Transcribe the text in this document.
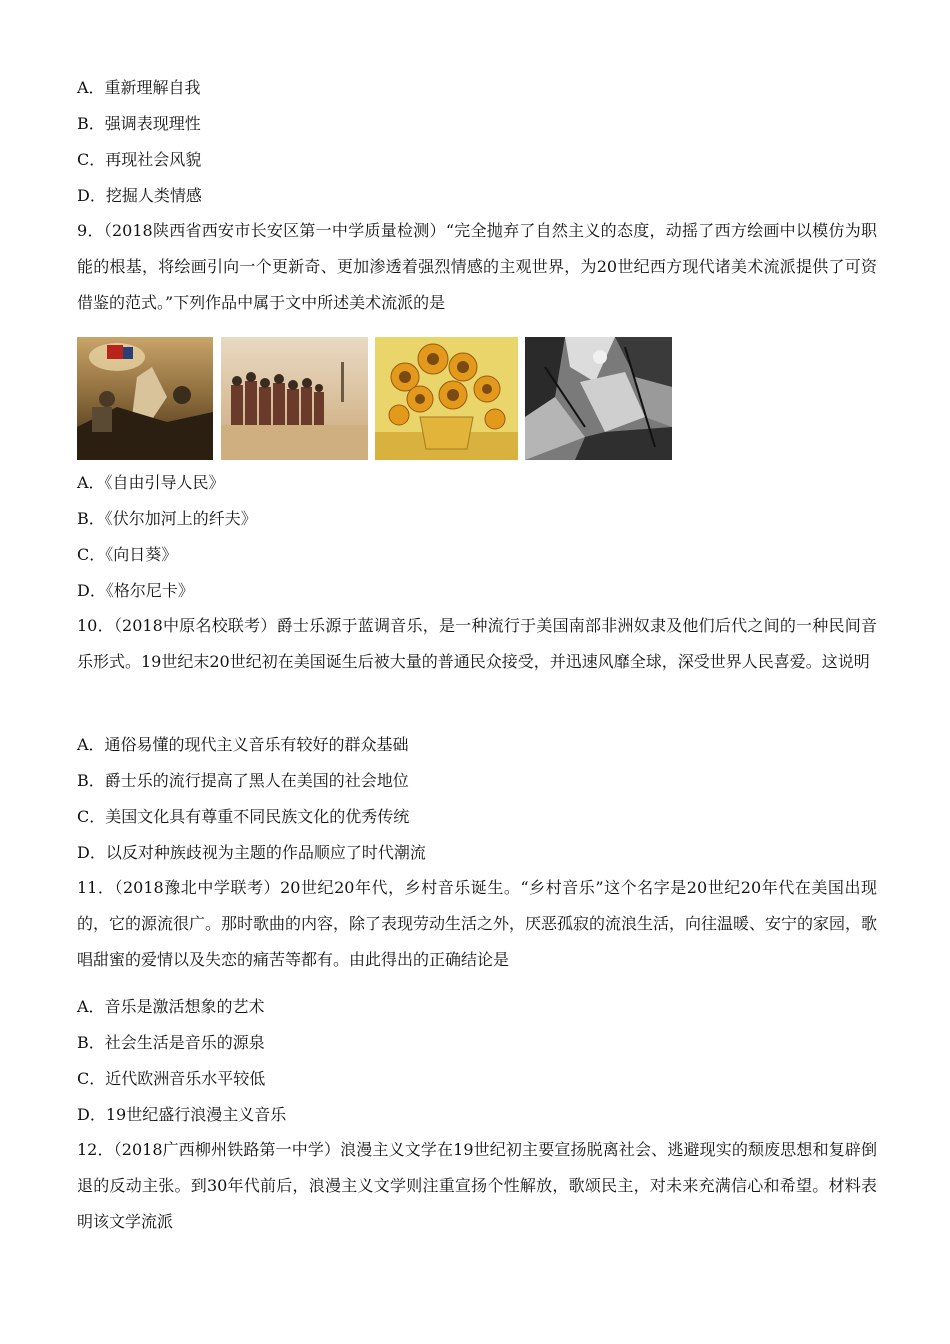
A．重新理解自我
B．强调表现理性
C．再现社会风貌
D．挖掘人类情感
9．（2018陕西省西安市长安区第一中学质量检测）“完全抛弃了自然主义的态度，动摇了西方绘画中以模仿为职能的根基，将绘画引向一个更新奇、更加渗透着强烈情感的主观世界，为20世纪西方现代诸美术流派提供了可资借鉴的范式。”下列作品中属于文中所述美术流派的是
A．《自由引导人民》
B．《伏尔加河上的纤夫》
C．《向日葵》
D．《格尔尼卡》
10．（2018中原名校联考）爵士乐源于蓝调音乐，是一种流行于美国南部非洲奴隶及他们后代之间的一种民间音乐形式。19世纪末20世纪初在美国诞生后被大量的普通民众接受，并迅速风靡全球，深受世界人民喜爱。这说明
A．通俗易懂的现代主义音乐有较好的群众基础
B．爵士乐的流行提高了黑人在美国的社会地位
C．美国文化具有尊重不同民族文化的优秀传统
D．以反对种族歧视为主题的作品顺应了时代潮流
11．（2018豫北中学联考）20世纪20年代，乡村音乐诞生。“乡村音乐”这个名字是20世纪20年代在美国出现的，它的源流很广。那时歌曲的内容，除了表现劳动生活之外，厌恶孤寂的流浪生活，向往温暖、安宁的家园，歌唱甜蜜的爱情以及失恋的痛苦等都有。由此得出的正确结论是
A．音乐是激活想象的艺术
B．社会生活是音乐的源泉
C．近代欧洲音乐水平较低
D．19世纪盛行浪漫主义音乐
12．（2018广西柳州铁路第一中学）浪漫主义文学在19世纪初主要宣扬脱离社会、逃避现实的颓废思想和复辟倒退的反动主张。到30年代前后，浪漫主义文学则注重宣扬个性解放，歌颂民主，对未来充满信心和希望。材料表明该文学流派
